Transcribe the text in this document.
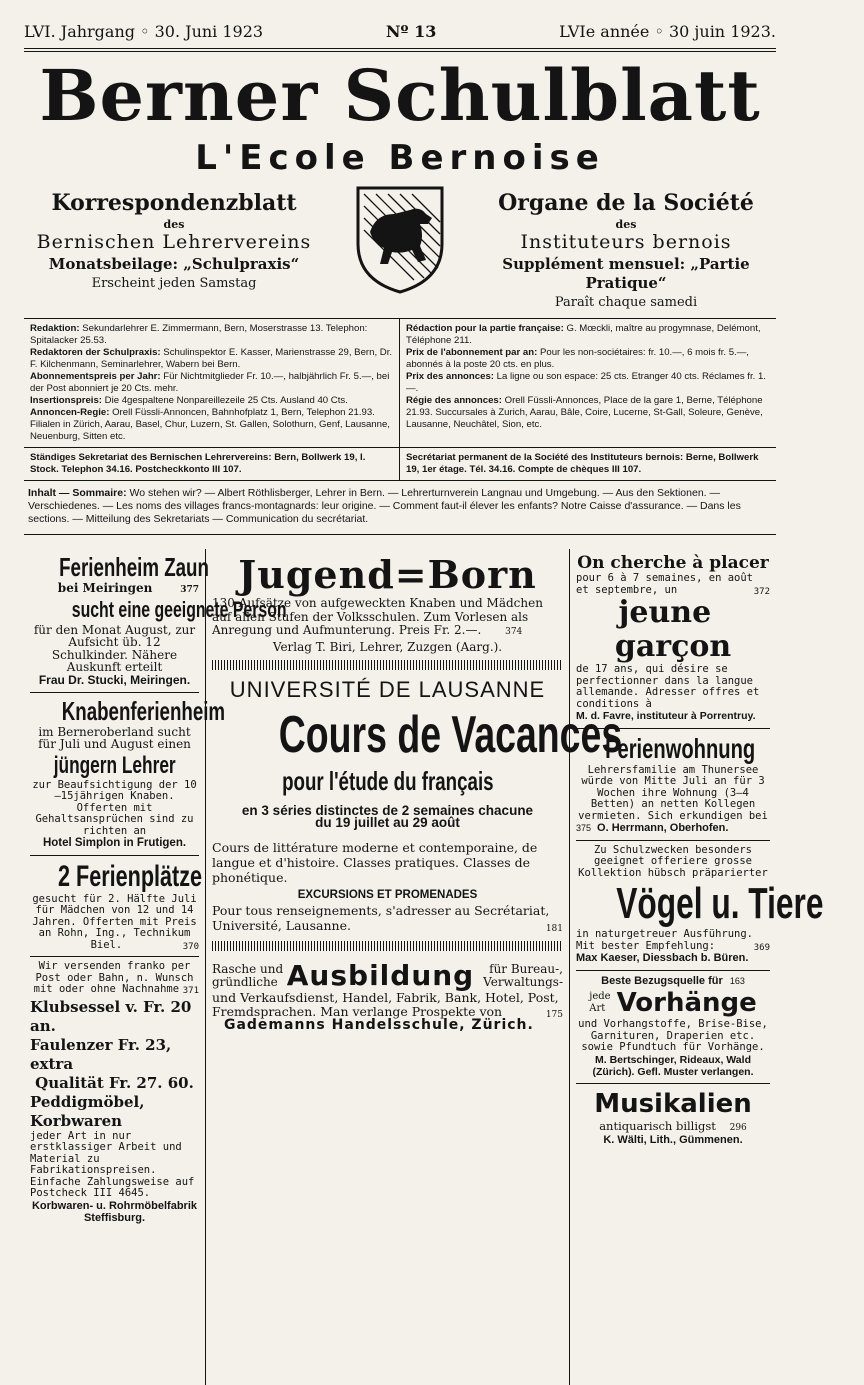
LVI. Jahrgang ◦ 30. Juni 1923	Nº 13	LVIe année ◦ 30 juin 1923.
Berner Schulblatt
L'Ecole Bernoise
Korrespondenzblatt
des
Bernischen Lehrervereins
Monatsbeilage: „Schulpraxis“
Erscheint jeden Samstag
Organe de la Société
des
Instituteurs bernois
Supplément mensuel: „Partie Pratique“
Paraît chaque samedi
Redaktion: Sekundarlehrer E. Zimmermann, Bern, Moserstrasse 13. Telephon: Spitalacker 25.53.
Redaktoren der Schulpraxis: Schulinspektor E. Kasser, Marienstrasse 29, Bern, Dr. F. Kilchenmann, Seminarlehrer, Wabern bei Bern.
Abonnementspreis per Jahr: Für Nichtmitglieder Fr. 10.—, halbjährlich Fr. 5.—, bei der Post abonniert je 20 Cts. mehr.
Insertionspreis: Die 4gespaltene Nonpareillezeile 25 Cts. Ausland 40 Cts.
Annoncen-Regie: Orell Füssli-Annoncen, Bahnhofplatz 1, Bern, Telephon 21.93. Filialen in Zürich, Aarau, Basel, Chur, Luzern, St. Gallen, Solothurn, Genf, Lausanne, Neuenburg, Sitten etc.
Rédaction pour la partie française: G. Mœckli, maître au progymnase, Delémont, Téléphone 211.
Prix de l'abonnement par an: Pour les non-sociétaires: fr. 10.—, 6 mois fr. 5.—, abonnés à la poste 20 cts. en plus.
Prix des annonces: La ligne ou son espace: 25 cts. Etranger 40 cts. Réclames fr. 1.—.
Régie des annonces: Orell Füssli-Annonces, Place de la gare 1, Berne, Téléphone 21.93. Succursales à Zurich, Aarau, Bâle, Coire, Lucerne, St-Gall, Soleure, Genève, Lausanne, Neuchâtel, Sion, etc.
Ständiges Sekretariat des Bernischen Lehrervereins: Bern, Bollwerk 19, I. Stock. Telephon 34.16. Postcheckkonto III 107.
Secrétariat permanent de la Société des Instituteurs bernois: Berne, Bollwerk 19, 1er étage. Tél. 34.16. Compte de chèques III 107.
Inhalt — Sommaire: Wo stehen wir? — Albert Röthlisberger, Lehrer in Bern. — Lehrerturnverein Langnau und Umgebung. — Aus den Sektionen. — Verschiedenes. — Les noms des villages francs-montagnards: leur origine. — Comment faut-il élever les enfants? Notre Caisse d'assurance. — Dans les sections. — Mitteilung des Sekretariats — Communication du secrétariat.
Ferienheim Zaun
bei Meiringen	377
sucht eine geeignete Person
für den Monat August, zur Aufsicht üb. 12 Schulkinder. Nähere Auskunft erteilt
Frau Dr. Stucki, Meiringen.
Knabenferienheim
im Berneroberland sucht für Juli und August einen
jüngern Lehrer
zur Beaufsichtigung der 10—15jährigen Knaben. Offerten mit Gehaltsansprüchen sind zu richten an
Hotel Simplon in Frutigen.
2 Ferienplätze
gesucht für 2. Hälfte Juli für Mädchen von 12 und 14 Jahren. Offerten mit Preis an Rohn, Ing., Technikum Biel.	370
Wir versenden franko per Post oder Bahn, n. Wunsch mit oder ohne Nachnahme 371
Klubsessel v. Fr. 20 an.
Faulenzer Fr. 23, extra
Qualität Fr. 27. 60.
Peddigmöbel, Korbwaren
jeder Art in nur erstklassiger Arbeit und Material zu Fabrikationspreisen. Einfache Zahlungsweise auf Postcheck III 4645.
Korbwaren- u. Rohrmöbelfabrik Steffisburg.
Jugend=Born
130 Aufsätze von aufgeweckten Knaben und Mädchen auf allen Stufen der Volksschulen. Zum Vorlesen als Anregung und Aufmunterung. Preis Fr. 2.—.	374
Verlag T. Biri, Lehrer, Zuzgen (Aarg.).
UNIVERSITÉ DE LAUSANNE
Cours de Vacances
pour l'étude du français
en 3 séries distinctes de 2 semaines chacune
du 19 juillet au 29 août
Cours de littérature moderne et contemporaine, de langue et d'histoire. Classes pratiques. Classes de phonétique.
EXCURSIONS ET PROMENADES
Pour tous renseignements, s'adresser au Secrétariat, Université, Lausanne.	181
Rasche und gründliche Ausbildung	für Bureau-, Verwaltungs-
und Verkaufsdienst, Handel, Fabrik, Bank, Hotel, Post, Fremdsprachen. Man verlange Prospekte von	175
Gademanns Handelsschule, Zürich.
On cherche à placer
pour 6 à 7 semaines, en août et septembre, un	372
jeune garçon
de 17 ans, qui désire se perfectionner dans la langue allemande. Adresser offres et conditions à
M. d. Favre, instituteur à Porrentruy.
Ferienwohnung
Lehrersfamilie am Thunersee würde von Mitte Juli an für 3 Wochen ihre Wohnung (3—4 Betten) an netten Kollegen vermieten. Sich erkundigen bei
375 O. Herrmann, Oberhofen.
Zu Schulzwecken besonders geeignet offeriere grosse Kollektion hübsch präparierter
Vögel u. Tiere
in naturgetreuer Ausführung. Mit bester Empfehlung:	369
Max Kaeser, Diessbach b. Büren.
Beste Bezugsquelle für 163
jede
Art Vorhänge
und Vorhangstoffe, Brise-Bise, Garnituren, Draperien etc. sowie Pfundtuch für Vorhänge.
M. Bertschinger, Rideaux, Wald (Zürich). Gefl. Muster verlangen.
Musikalien
antiquarisch billigst 296
K. Wälti, Lith., Gümmenen.
